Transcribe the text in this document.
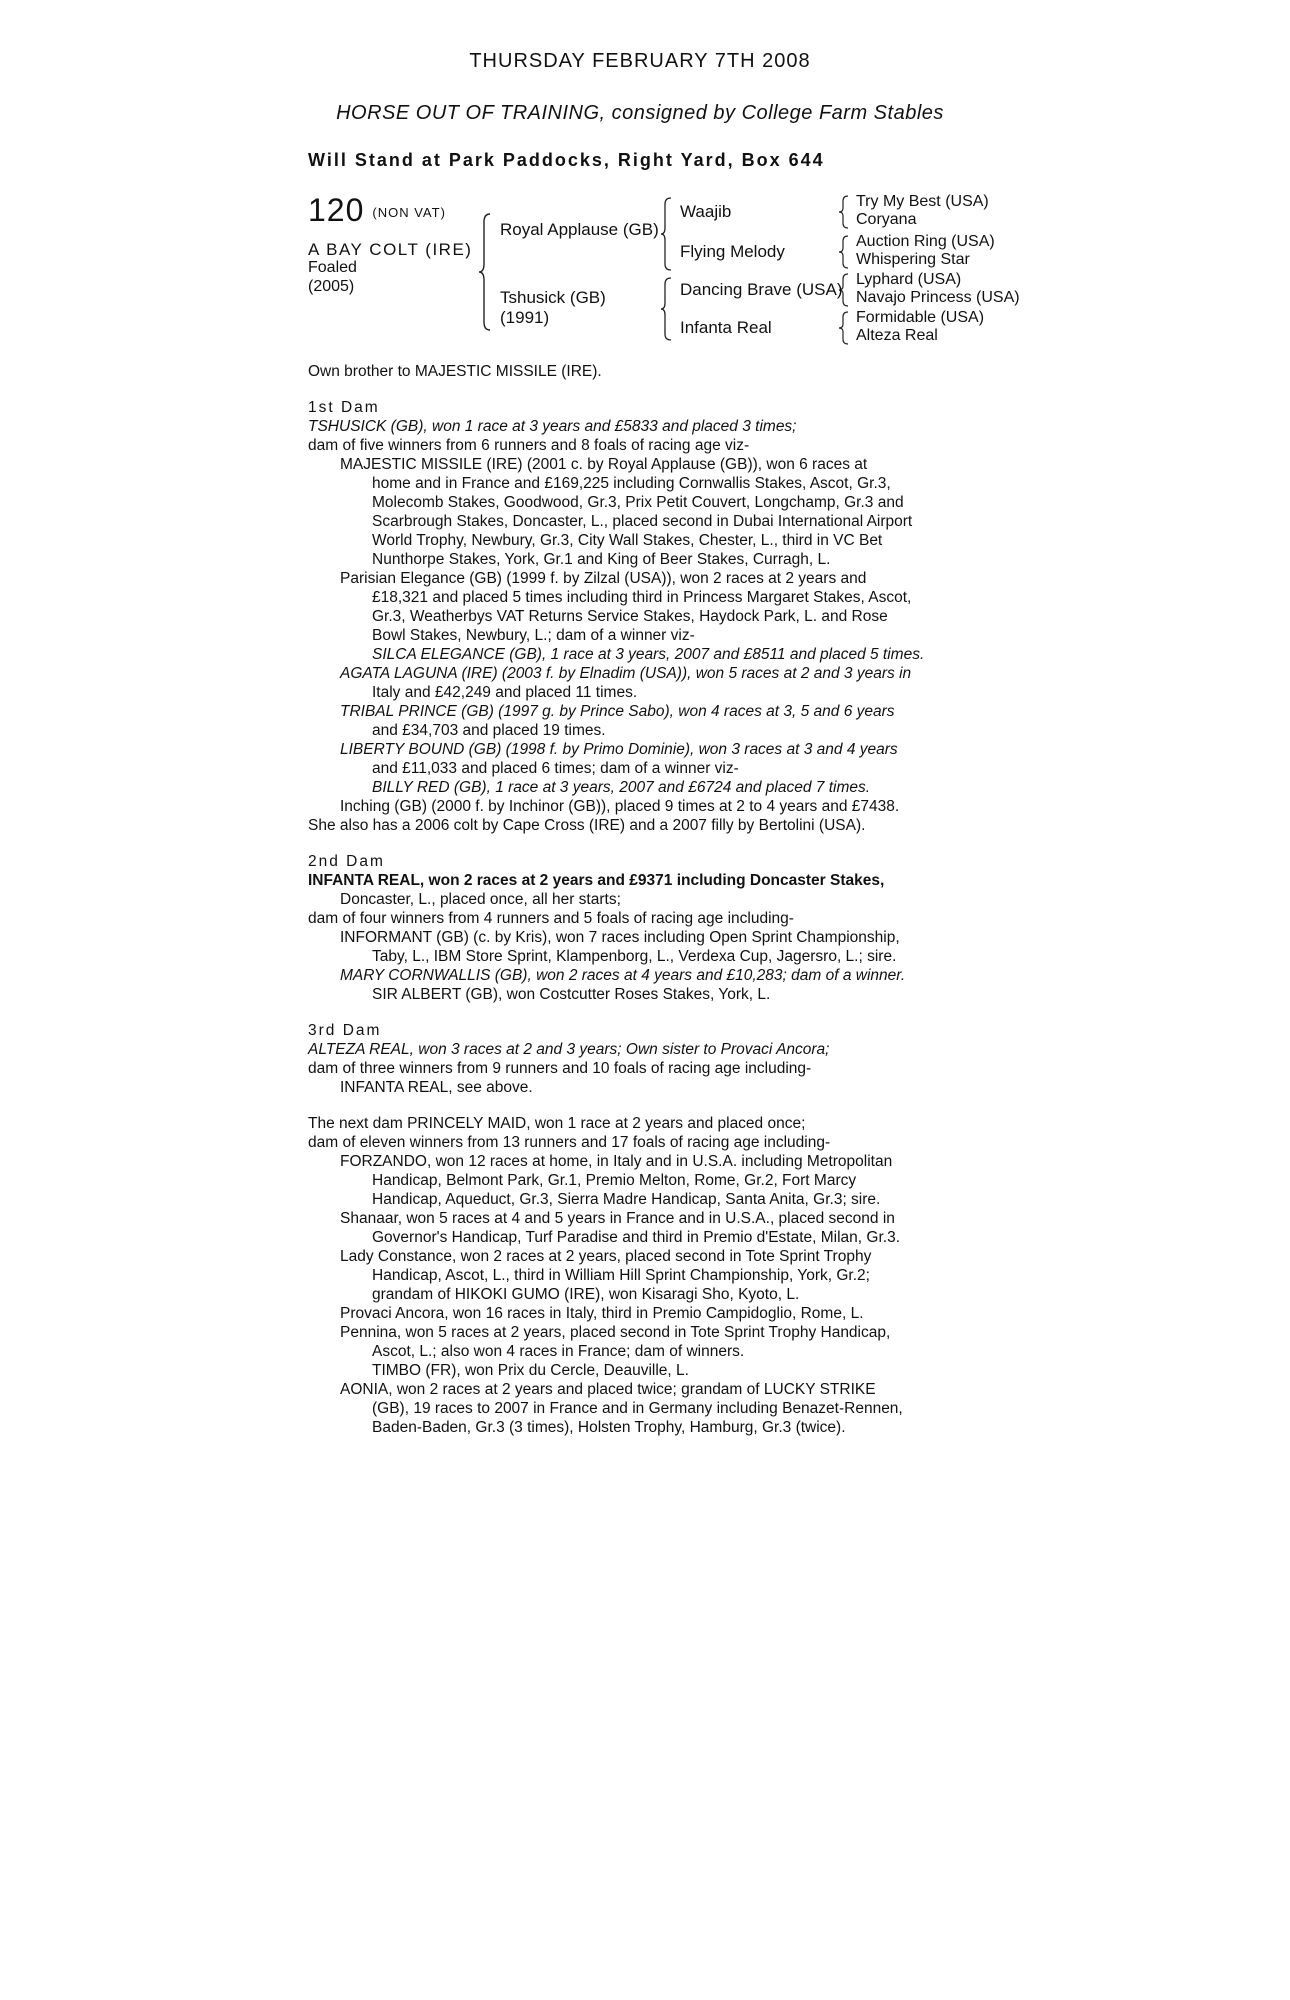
THURSDAY FEBRUARY 7TH 2008
HORSE OUT OF TRAINING, consigned by College Farm Stables
Will Stand at Park Paddocks, Right Yard, Box 644
120 (NON VAT)
A BAY COLT (IRE)
Foaled
(2005)
Royal Applause (GB)
Tshusick (GB)
(1991)
Waajib
Flying Melody
Dancing Brave (USA)
Infanta Real
Try My Best (USA)
Coryana
Auction Ring (USA)
Whispering Star
Lyphard (USA)
Navajo Princess (USA)
Formidable (USA)
Alteza Real

Own brother to MAJESTIC MISSILE (IRE).

1st Dam

TSHUSICK (GB), won 1 race at 3 years and £5833 and placed 3 times;

dam of five winners from 6 runners and 8 foals of racing age viz-

MAJESTIC MISSILE (IRE) (2001 c. by Royal Applause (GB)), won 6 races at

home and in France and £169,225 including Cornwallis Stakes, Ascot, Gr.3,

Molecomb Stakes, Goodwood, Gr.3, Prix Petit Couvert, Longchamp, Gr.3 and

Scarbrough Stakes, Doncaster, L., placed second in Dubai International Airport

World Trophy, Newbury, Gr.3, City Wall Stakes, Chester, L., third in VC Bet

Nunthorpe Stakes, York, Gr.1 and King of Beer Stakes, Curragh, L.

Parisian Elegance (GB) (1999 f. by Zilzal (USA)), won 2 races at 2 years and

£18,321 and placed 5 times including third in Princess Margaret Stakes, Ascot,

Gr.3, Weatherbys VAT Returns Service Stakes, Haydock Park, L. and Rose

Bowl Stakes, Newbury, L.; dam of a winner viz-

SILCA ELEGANCE (GB), 1 race at 3 years, 2007 and £8511 and placed 5 times.

AGATA LAGUNA (IRE) (2003 f. by Elnadim (USA)), won 5 races at 2 and 3 years in

Italy and £42,249 and placed 11 times.

TRIBAL PRINCE (GB) (1997 g. by Prince Sabo), won 4 races at 3, 5 and 6 years

and £34,703 and placed 19 times.

LIBERTY BOUND (GB) (1998 f. by Primo Dominie), won 3 races at 3 and 4 years

and £11,033 and placed 6 times; dam of a winner viz-

BILLY RED (GB), 1 race at 3 years, 2007 and £6724 and placed 7 times.

Inching (GB) (2000 f. by Inchinor (GB)), placed 9 times at 2 to 4 years and £7438.

She also has a 2006 colt by Cape Cross (IRE) and a 2007 filly by Bertolini (USA).

2nd Dam

INFANTA REAL, won 2 races at 2 years and £9371 including Doncaster Stakes,

Doncaster, L., placed once, all her starts;

dam of four winners from 4 runners and 5 foals of racing age including-

INFORMANT (GB) (c. by Kris), won 7 races including Open Sprint Championship,

Taby, L., IBM Store Sprint, Klampenborg, L., Verdexa Cup, Jagersro, L.; sire.

MARY CORNWALLIS (GB), won 2 races at 4 years and £10,283; dam of a winner.

SIR ALBERT (GB), won Costcutter Roses Stakes, York, L.

3rd Dam

ALTEZA REAL, won 3 races at 2 and 3 years; Own sister to Provaci Ancora;

dam of three winners from 9 runners and 10 foals of racing age including-

INFANTA REAL, see above.

The next dam PRINCELY MAID, won 1 race at 2 years and placed once;

dam of eleven winners from 13 runners and 17 foals of racing age including-

FORZANDO, won 12 races at home, in Italy and in U.S.A. including Metropolitan

Handicap, Belmont Park, Gr.1, Premio Melton, Rome, Gr.2, Fort Marcy

Handicap, Aqueduct, Gr.3, Sierra Madre Handicap, Santa Anita, Gr.3; sire.

Shanaar, won 5 races at 4 and 5 years in France and in U.S.A., placed second in

Governor's Handicap, Turf Paradise and third in Premio d'Estate, Milan, Gr.3.

Lady Constance, won 2 races at 2 years, placed second in Tote Sprint Trophy

Handicap, Ascot, L., third in William Hill Sprint Championship, York, Gr.2;

grandam of HIKOKI GUMO (IRE), won Kisaragi Sho, Kyoto, L.

Provaci Ancora, won 16 races in Italy, third in Premio Campidoglio, Rome, L.

Pennina, won 5 races at 2 years, placed second in Tote Sprint Trophy Handicap,

Ascot, L.; also won 4 races in France; dam of winners.

TIMBO (FR), won Prix du Cercle, Deauville, L.

AONIA, won 2 races at 2 years and placed twice; grandam of LUCKY STRIKE

(GB), 19 races to 2007 in France and in Germany including Benazet-Rennen,

Baden-Baden, Gr.3 (3 times), Holsten Trophy, Hamburg, Gr.3 (twice).
